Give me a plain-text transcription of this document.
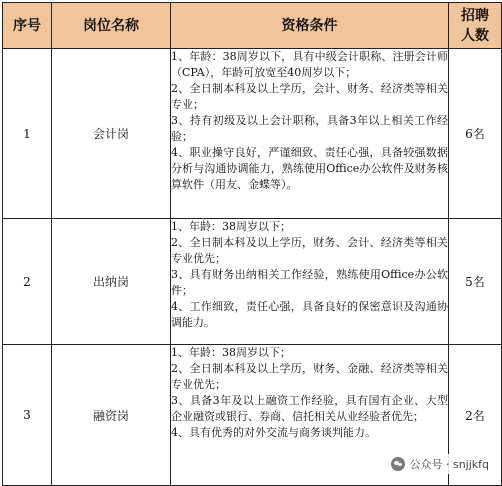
序号	岗位名称	资格条件	招聘人数
1	会计岗	1、年龄：38周岁以下，具有中级会计职称、注册会计师（CPA），年龄可放宽至40周岁以下；
2、全日制本科及以上学历，会计、财务、经济类等相关专业；
3、持有初级及以上会计职称，具备3年以上相关工作经验；
4、职业操守良好，严谨细致、责任心强，具备较强数据分析与沟通协调能力，熟练使用Office办公软件及财务核算软件（用友、金蝶等）。	6名
2	出纳岗	1、年龄：38周岁以下；
2、全日制本科及以上学历，财务、会计、经济类等相关专业优先；
3、具有财务出纳相关工作经验，熟练使用Office办公软件；
4、工作细致，责任心强，具备良好的保密意识及沟通协调能力。	5名
3	融资岗	1、年龄：38周岁以下；
2、全日制本科及以上学历，财务、金融、经济类等相关专业优先；
3、具备3年及以上融资工作经验，具有国有企业、大型企业融资或银行、券商、信托相关从业经验者优先；
4、具有优秀的对外交流与商务谈判能力。	2名
公众号 · snjjkfq
